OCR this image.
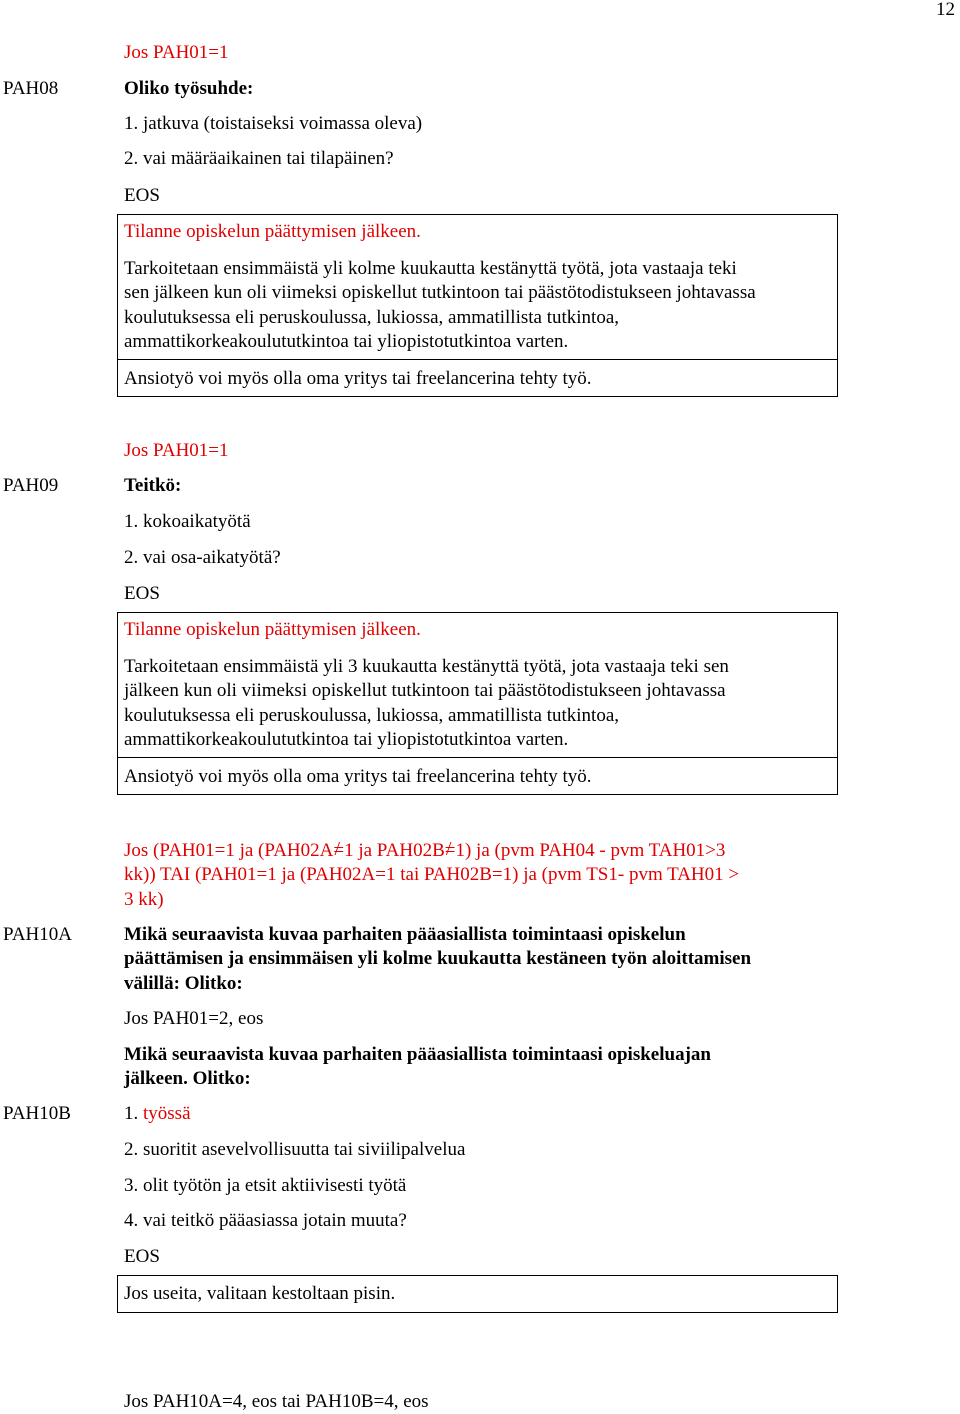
12
Jos PAH01=1
PAH08	Oliko työsuhde:
1. jatkuva (toistaiseksi voimassa oleva)
2. vai määräaikainen tai tilapäinen?
EOS
Tilanne opiskelun päättymisen jälkeen.
Tarkoitetaan ensimmäistä yli kolme kuukautta kestänyttä työtä, jota vastaaja teki
sen jälkeen kun oli viimeksi opiskellut tutkintoon tai päästötodistukseen johtavassa
koulutuksessa eli peruskoulussa, lukiossa, ammatillista tutkintoa,
ammattikorkeakoulututkintoa tai yliopistotutkintoa varten.
Ansiotyö voi myös olla oma yritys tai freelancerina tehty työ.
Jos PAH01=1
PAH09	Teitkö:
1. kokoaikatyötä
2. vai osa-aikatyötä?
EOS
Tilanne opiskelun päättymisen jälkeen.
Tarkoitetaan ensimmäistä yli 3 kuukautta kestänyttä työtä, jota vastaaja teki sen
jälkeen kun oli viimeksi opiskellut tutkintoon tai päästötodistukseen johtavassa
koulutuksessa eli peruskoulussa, lukiossa, ammatillista tutkintoa,
ammattikorkeakoulututkintoa tai yliopistotutkintoa varten.
Ansiotyö voi myös olla oma yritys tai freelancerina tehty työ.
Jos (PAH01=1 ja (PAH02A= /1 ja PAH02B= /1) ja (pvm PAH04 - pvm TAH01>3
kk)) TAI (PAH01=1 ja (PAH02A=1 tai PAH02B=1) ja (pvm TS1- pvm TAH01 >
3 kk)
PAH10A	Mikä seuraavista kuvaa parhaiten pääasiallista toimintaasi opiskelun
päättämisen ja ensimmäisen yli kolme kuukautta kestäneen työn aloittamisen
välillä: Olitko:
Jos PAH01=2, eos
Mikä seuraavista kuvaa parhaiten pääasiallista toimintaasi opiskeluajan
jälkeen. Olitko:
PAH10B	1. työssä
2. suoritit asevelvollisuutta tai siviilipalvelua
3. olit työtön ja etsit aktiivisesti työtä
4. vai teitkö pääasiassa jotain muuta?
EOS
Jos useita, valitaan kestoltaan pisin.
Jos PAH10A=4, eos tai PAH10B=4, eos
